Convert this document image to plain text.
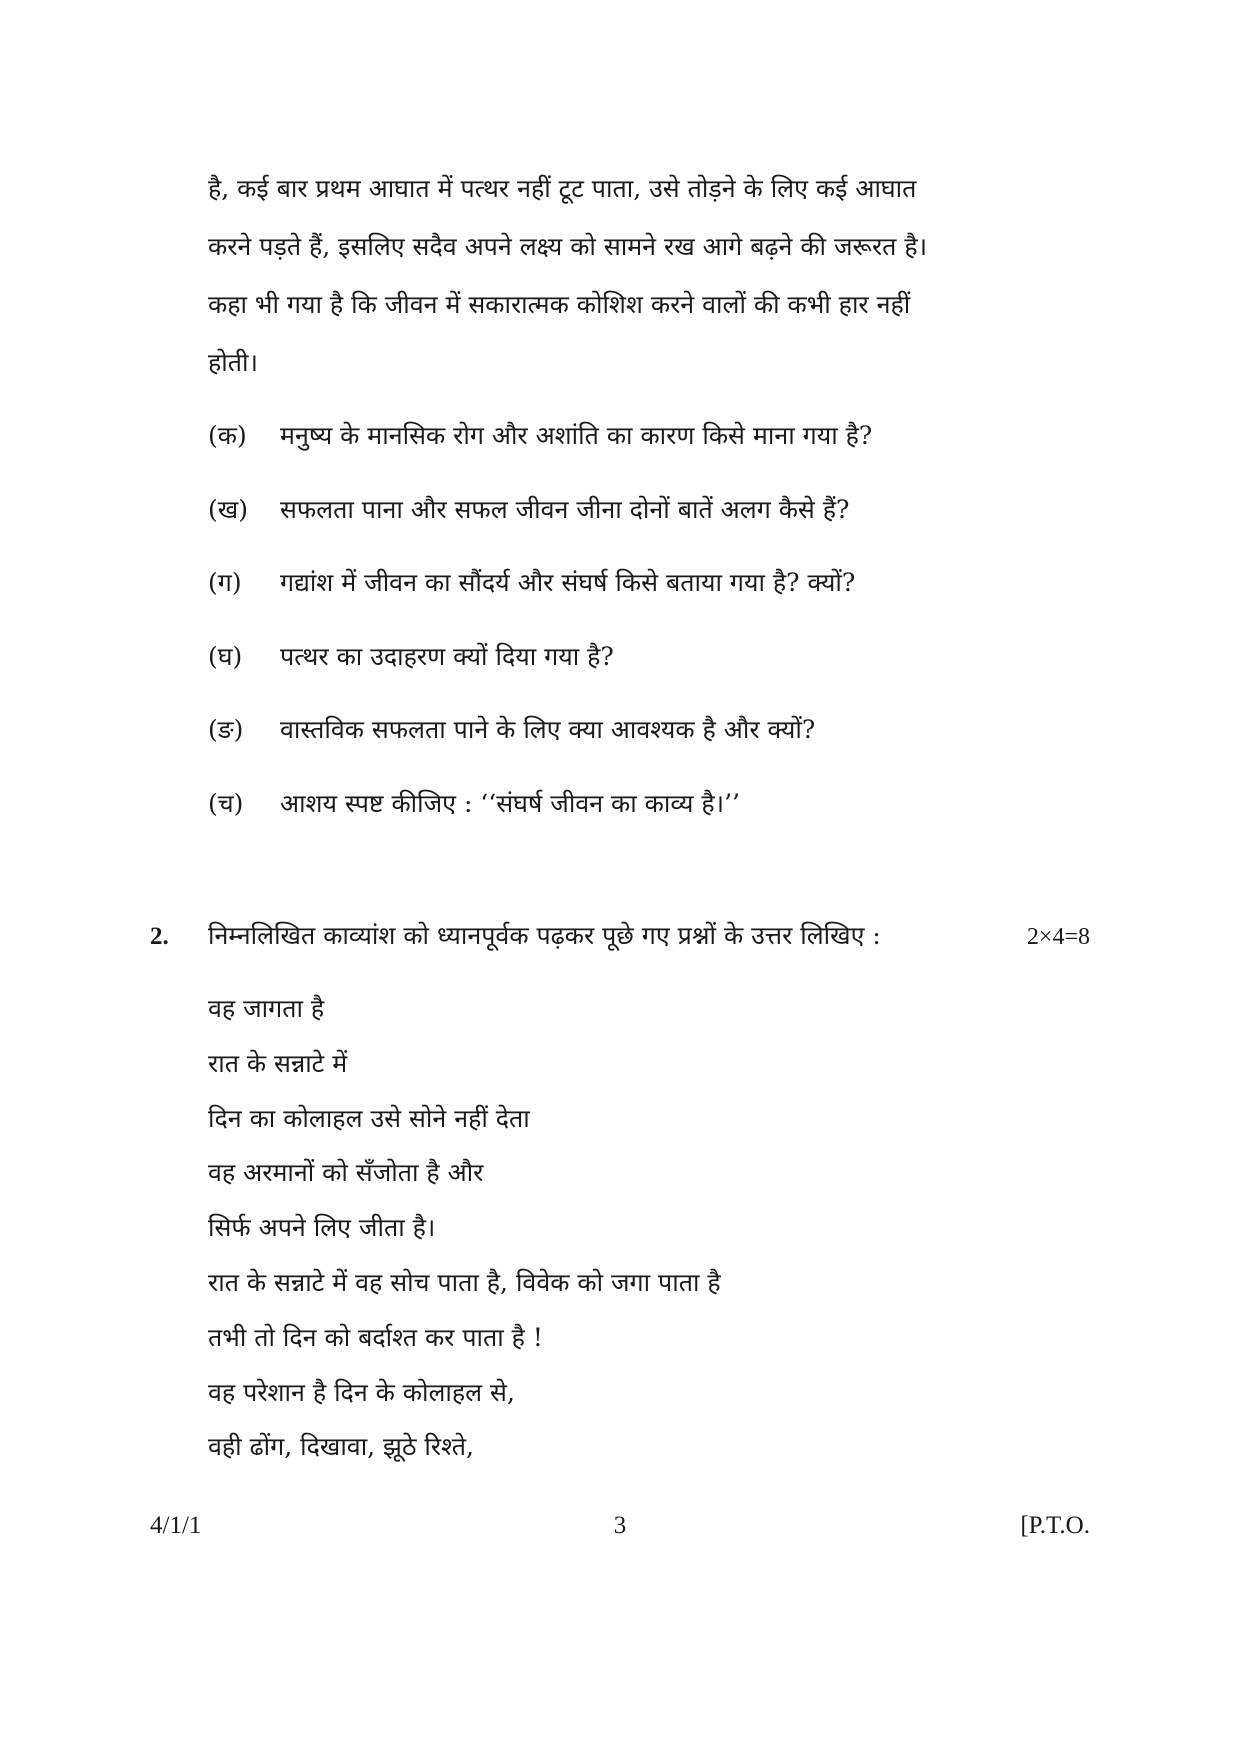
है, कई बार प्रथम आघात में पत्थर नहीं टूट पाता, उसे तोड़ने के लिए कई आघात
करने पड़ते हैं, इसलिए सदैव अपने लक्ष्य को सामने रख आगे बढ़ने की जरूरत है।
कहा भी गया है कि जीवन में सकारात्मक कोशिश करने वालों की कभी हार नहीं
होती।
(क)	मनुष्य के मानसिक रोग और अशांति का कारण किसे माना गया है?
(ख)	सफलता पाना और सफल जीवन जीना दोनों बातें अलग कैसे हैं?
(ग)	गद्यांश में जीवन का सौंदर्य और संघर्ष किसे बताया गया है? क्यों?
(घ)	पत्थर का उदाहरण क्यों दिया गया है?
(ङ)	वास्तविक सफलता पाने के लिए क्या आवश्यक है और क्यों?
(च)	आशय स्पष्ट कीजिए : ‘‘संघर्ष जीवन का काव्य है।’’
2.	निम्नलिखित काव्यांश को ध्यानपूर्वक पढ़कर पूछे गए प्रश्नों के उत्तर लिखिए :	2×4=8
वह जागता है
रात के सन्नाटे में
दिन का कोलाहल उसे सोने नहीं देता
वह अरमानों को सँजोता है और
सिर्फ अपने लिए जीता है।
रात के सन्नाटे में वह सोच पाता है, विवेक को जगा पाता है
तभी तो दिन को बर्दाश्त कर पाता है !
वह परेशान है दिन के कोलाहल से,
वही ढोंग, दिखावा, झूठे रिश्ते,
4/1/1	3	[P.T.O.
